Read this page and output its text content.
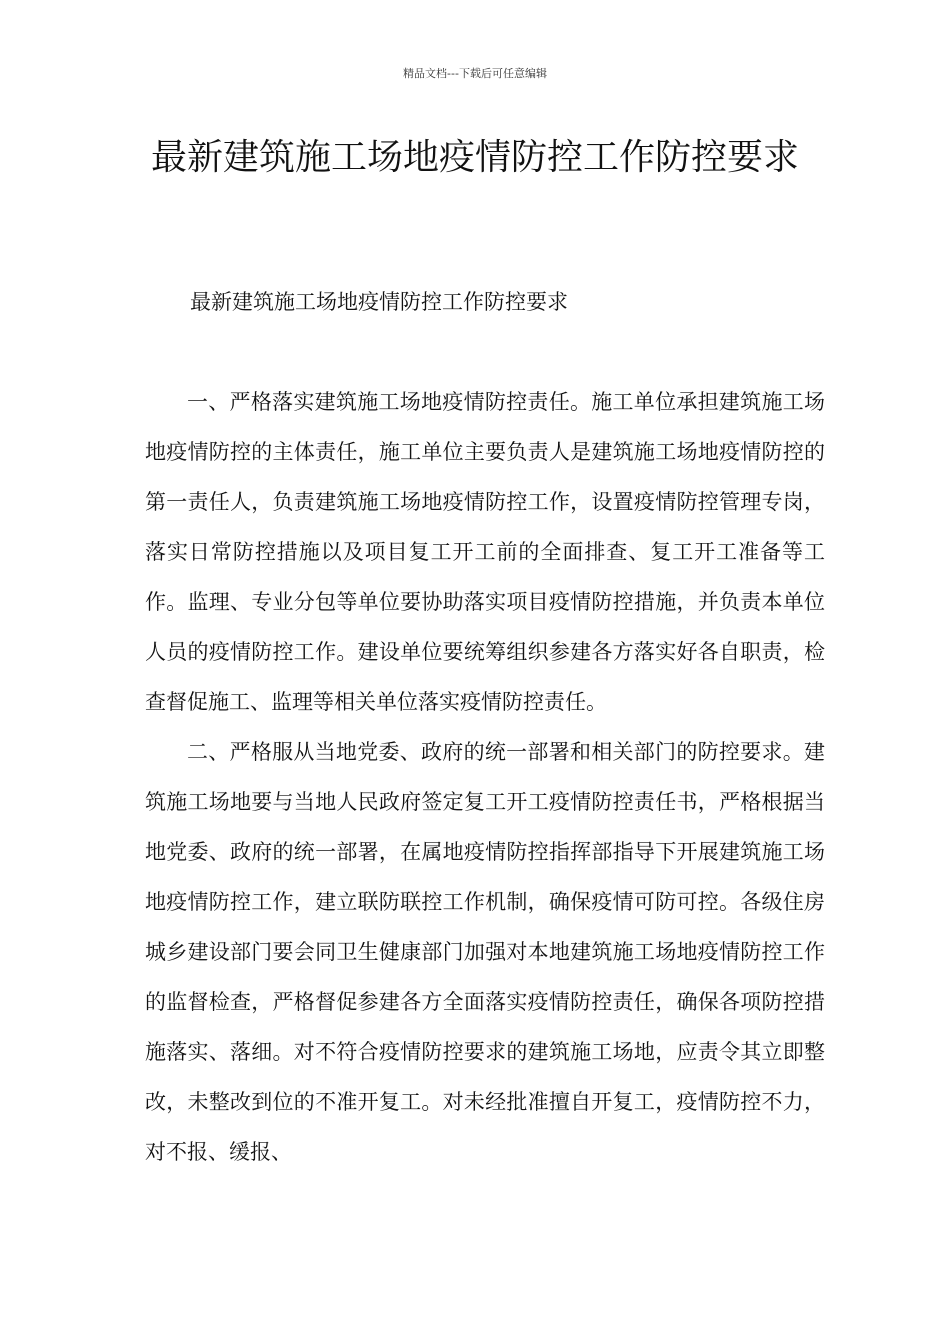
精品文档---下载后可任意编辑
最新建筑施工场地疫情防控工作防控要求
最新建筑施工场地疫情防控工作防控要求

一、严格落实建筑施工场地疫情防控责任。施工单位承担建筑施工场地疫情防控的主体责任，施工单位主要负责人是建筑施工场地疫情防控的第一责任人，负责建筑施工场地疫情防控工作，设置疫情防控管理专岗，落实日常防控措施以及项目复工开工前的全面排查、复工开工准备等工作。监理、专业分包等单位要协助落实项目疫情防控措施，并负责本单位人员的疫情防控工作。建设单位要统筹组织参建各方落实好各自职责，检查督促施工、监理等相关单位落实疫情防控责任。

二、严格服从当地党委、政府的统一部署和相关部门的防控要求。建筑施工场地要与当地人民政府签定复工开工疫情防控责任书，严格根据当地党委、政府的统一部署，在属地疫情防控指挥部指导下开展建筑施工场地疫情防控工作，建立联防联控工作机制，确保疫情可防可控。各级住房城乡建设部门要会同卫生健康部门加强对本地建筑施工场地疫情防控工作的监督检查，严格督促参建各方全面落实疫情防控责任，确保各项防控措施落实、落细。对不符合疫情防控要求的建筑施工场地，应责令其立即整改，未整改到位的不准开复工。对未经批准擅自开复工，疫情防控不力，对不报、缓报、
